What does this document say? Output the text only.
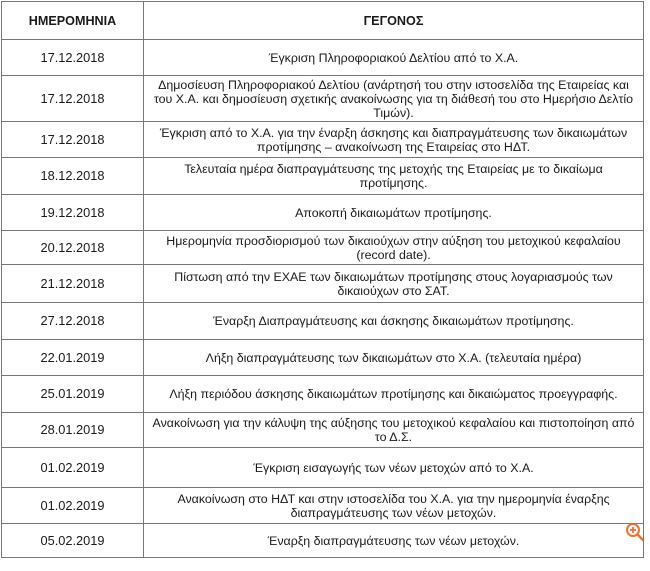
ΗΜΕΡΟΜΗΝΙΑ	ΓΕΓΟΝΟΣ
17.12.2018	Έγκριση Πληροφοριακού Δελτίου από το Χ.Α.
17.12.2018	Δημοσίευση Πληροφοριακού Δελτίου (ανάρτησή του στην ιστοσελίδα της Εταιρείας και του Χ.Α. και δημοσίευση σχετικής ανακοίνωσης για τη διάθεσή του στο Ημερήσιο Δελτίο Τιμών).
17.12.2018	Έγκριση από το Χ.Α. για την έναρξη άσκησης και διαπραγμάτευσης των δικαιωμάτων προτίμησης – ανακοίνωση της Εταιρείας στο ΗΔΤ.
18.12.2018	Τελευταία ημέρα διαπραγμάτευσης της μετοχής της Εταιρείας με το δικαίωμα προτίμησης.
19.12.2018	Αποκοπή δικαιωμάτων προτίμησης.
20.12.2018	Ημερομηνία προσδιορισμού των δικαιούχων στην αύξηση του μετοχικού κεφαλαίου (record date).
21.12.2018	Πίστωση από την ΕΧΑΕ των δικαιωμάτων προτίμησης στους λογαριασμούς των δικαιούχων στο ΣΑΤ.
27.12.2018	Έναρξη Διαπραγμάτευσης και άσκησης δικαιωμάτων προτίμησης.
22.01.2019	Λήξη διαπραγμάτευσης των δικαιωμάτων στο Χ.Α. (τελευταία ημέρα)
25.01.2019	Λήξη περιόδου άσκησης δικαιωμάτων προτίμησης και δικαιώματος προεγγραφής.
28.01.2019	Ανακοίνωση για την κάλυψη της αύξησης του μετοχικού κεφαλαίου και πιστοποίηση από το Δ.Σ.
01.02.2019	Έγκριση εισαγωγής των νέων μετοχών από το Χ.Α.
01.02.2019	Ανακοίνωση στο ΗΔΤ και στην ιστοσελίδα του Χ.Α. για την ημερομηνία έναρξης διαπραγμάτευσης των νέων μετοχών.
05.02.2019	Έναρξη διαπραγμάτευσης των νέων μετοχών.
